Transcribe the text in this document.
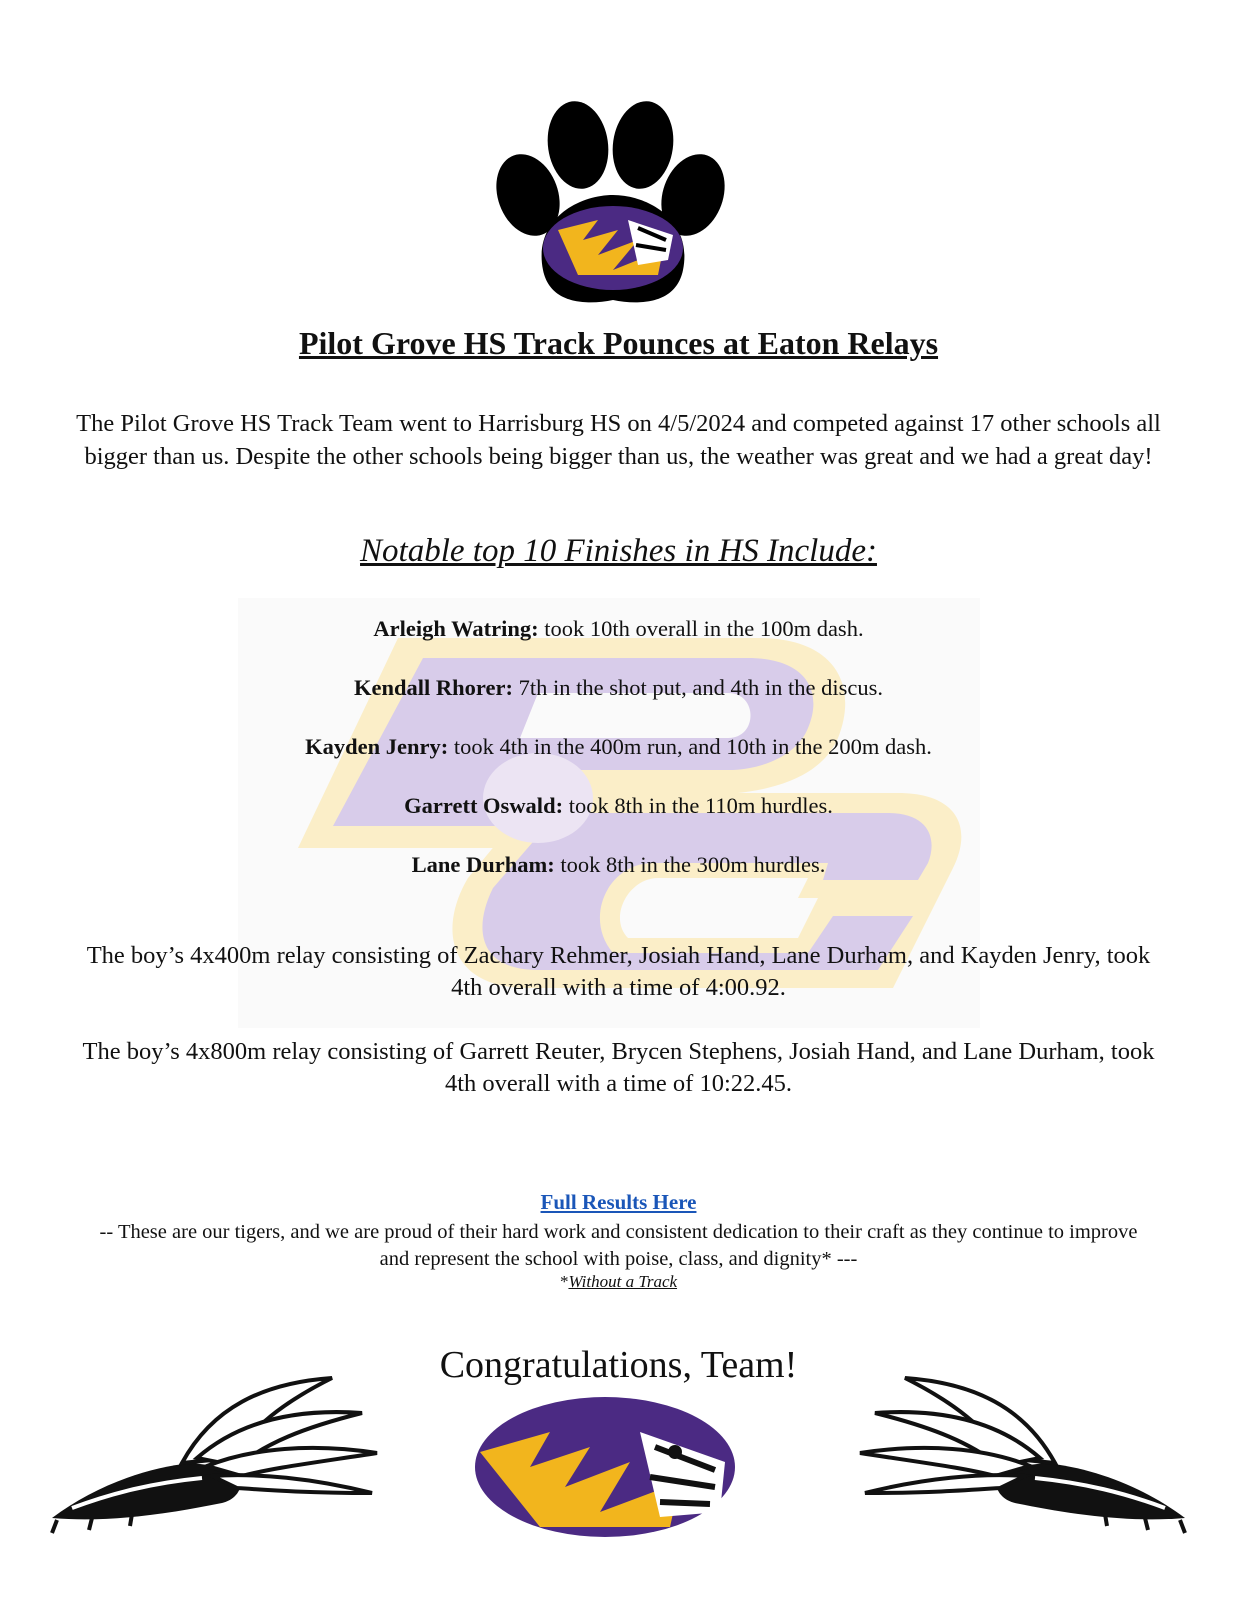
Pilot Grove HS Track Pounces at Eaton Relays
The Pilot Grove HS Track Team went to Harrisburg HS on 4/5/2024 and competed against 17 other schools all bigger than us. Despite the other schools being bigger than us, the weather was great and we had a great day!
Notable top 10 Finishes in HS Include:
Arleigh Watring: took 10th overall in the 100m dash.
Kendall Rhorer: 7th in the shot put, and 4th in the discus.
Kayden Jenry: took 4th in the 400m run, and 10th in the 200m dash.
Garrett Oswald: took 8th in the 110m hurdles.
Lane Durham: took 8th in the 300m hurdles.
The boy’s 4x400m relay consisting of Zachary Rehmer, Josiah Hand, Lane Durham, and Kayden Jenry, took 4th overall with a time of 4:00.92.
The boy’s 4x800m relay consisting of Garrett Reuter, Brycen Stephens, Josiah Hand, and Lane Durham, took 4th overall with a time of 10:22.45.
Full Results Here
-- These are our tigers, and we are proud of their hard work and consistent dedication to their craft as they continue to improve and represent the school with poise, class, and dignity* ---
*Without a Track
Congratulations, Team!
